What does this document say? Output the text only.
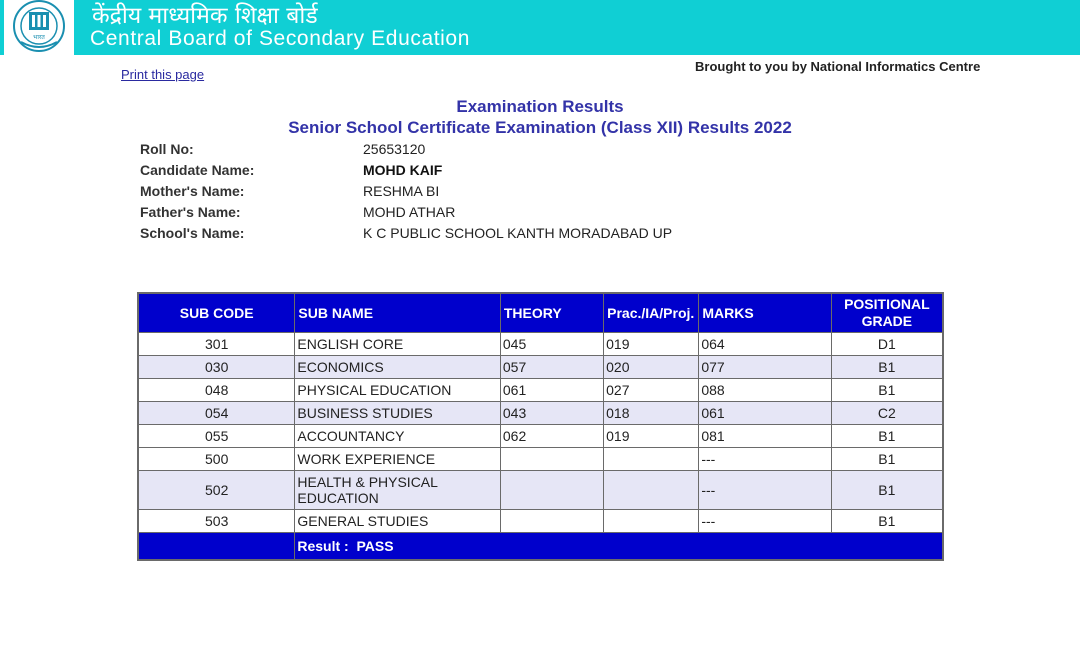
भारत
केंद्रीय माध्यमिक शिक्षा बोर्ड
Central Board of Secondary Education
Print this page
Brought to you by National Informatics Centre
Examination Results
Senior School Certificate Examination (Class XII) Results 2022
Roll No:	25653120
Candidate Name:	MOHD KAIF
Mother's Name:	RESHMA BI
Father's Name:	MOHD ATHAR
School's Name:	K C PUBLIC SCHOOL KANTH MORADABAD UP
SUB CODE	SUB NAME	THEORY	Prac./IA/Proj.	MARKS	POSITIONAL GRADE
301	ENGLISH CORE	045	019	064	D1
030	ECONOMICS	057	020	077	B1
048	PHYSICAL EDUCATION	061	027	088	B1
054	BUSINESS STUDIES	043	018	061	C2
055	ACCOUNTANCY	062	019	081	B1
500	WORK EXPERIENCE			---	B1
502	HEALTH & PHYSICAL EDUCATION			---	B1
503	GENERAL STUDIES			---	B1
	Result : PASS				
